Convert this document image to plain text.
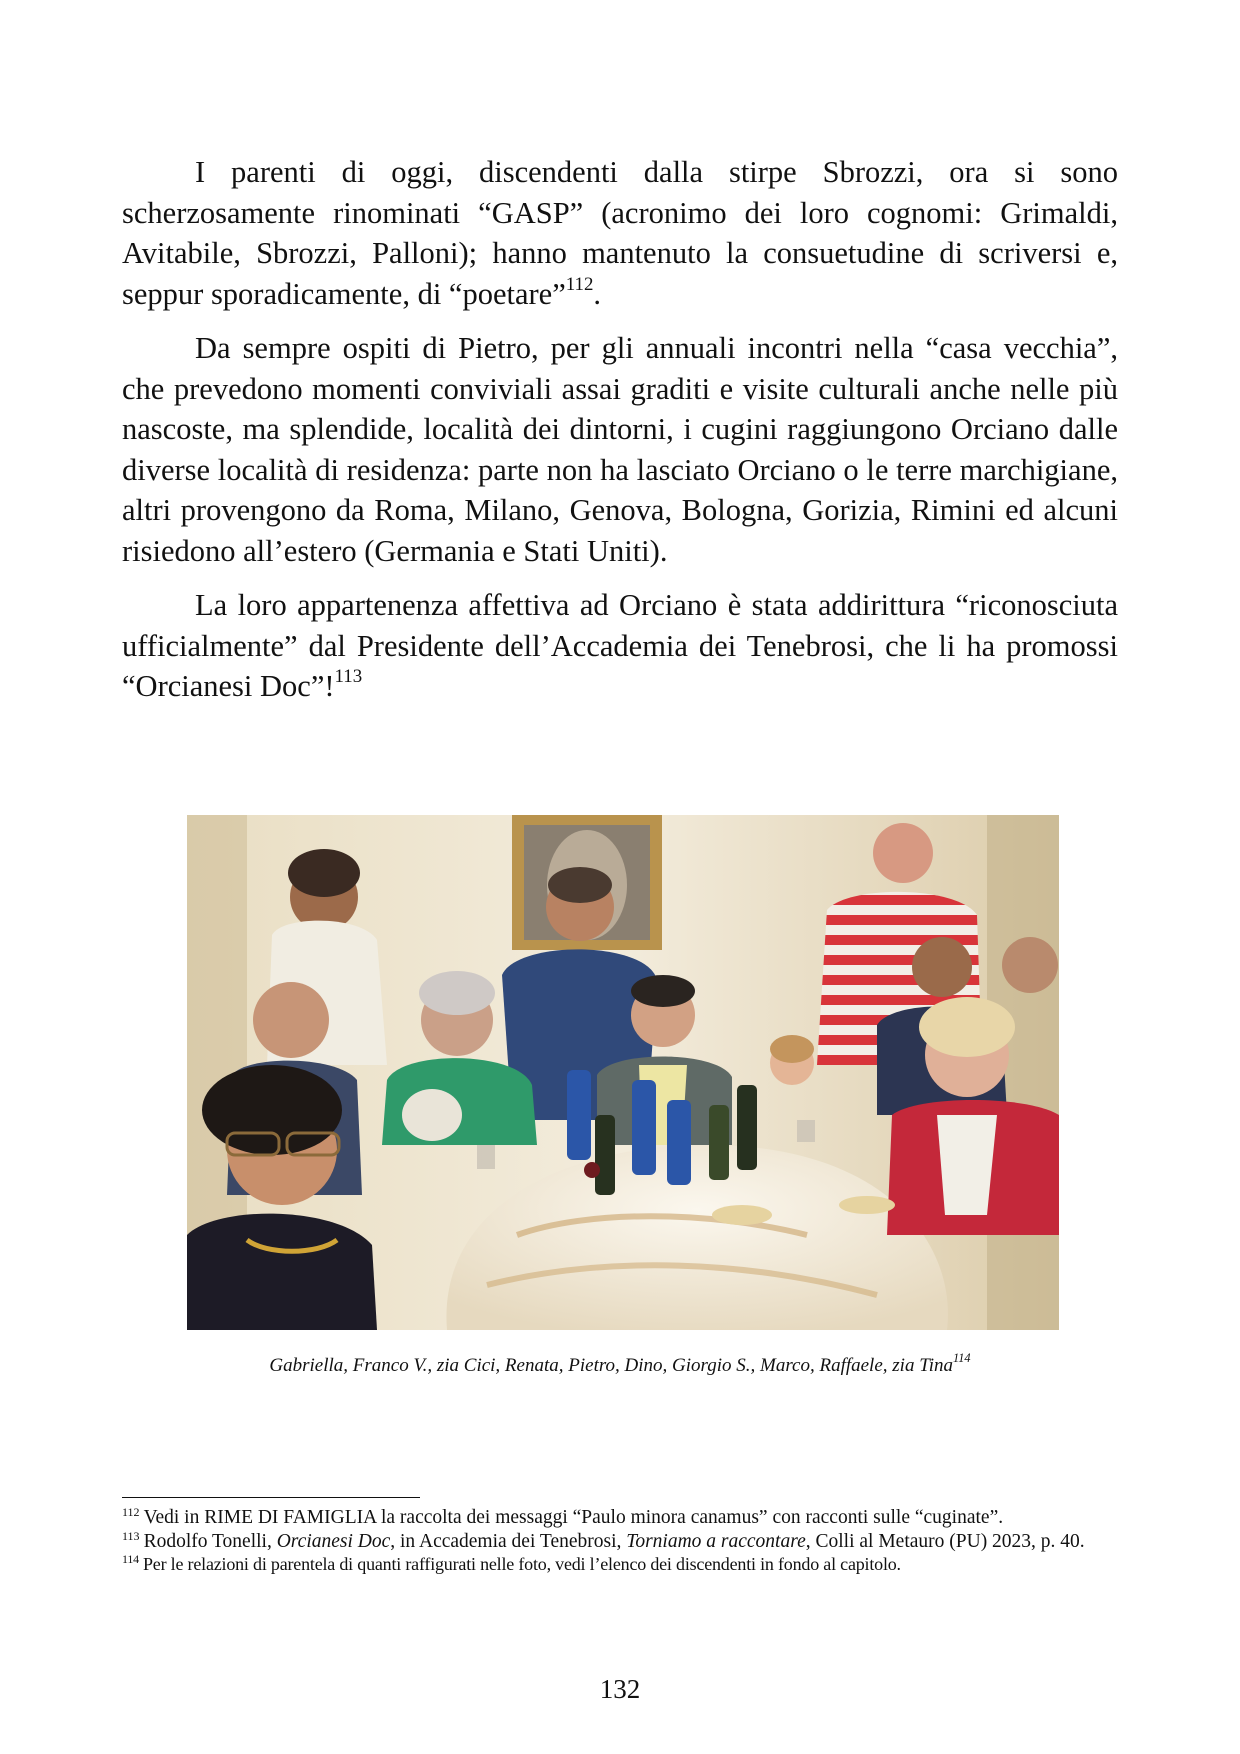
I parenti di oggi, discendenti dalla stirpe Sbrozzi, ora si sono scherzosamente rinominati “GASP” (acronimo dei loro cognomi: Grimaldi, Avitabile, Sbrozzi, Palloni); hanno mantenuto la consuetudine di scriversi e, seppur sporadicamente, di “poetare”$^{112}$.

Da sempre ospiti di Pietro, per gli annuali incontri nella “casa vecchia”, che prevedono momenti conviviali assai graditi e visite culturali anche nelle più nascoste, ma splendide, località dei dintorni, i cugini raggiungono Orciano dalle diverse località di residenza: parte non ha lasciato Orciano o le terre marchigiane, altri provengono da Roma, Milano, Genova, Bologna, Gorizia, Rimini ed alcuni risiedono all’estero (Germania e Stati Uniti).

La loro appartenenza affettiva ad Orciano è stata addirittura “riconosciuta ufficialmente” dal Presidente dell’Accademia dei Tenebrosi, che li ha promossi “Orcianesi Doc”!$^{113}$

Gabriella, Franco V., zia Cici, Renata, Pietro, Dino, Giorgio S., Marco, Raffaele, zia Tina$^{114}$

$^{112}$ Vedi in RIME DI FAMIGLIA la raccolta dei messaggi “Paulo minora canamus” con racconti sulle “cuginate”.

$^{113}$ Rodolfo Tonelli, Orcianesi Doc, in Accademia dei Tenebrosi, Torniamo a raccontare, Colli al Metauro (PU) 2023, p. 40.

$^{114}$ Per le relazioni di parentela di quanti raffigurati nelle foto, vedi l’elenco dei discendenti in fondo al capitolo.

132
